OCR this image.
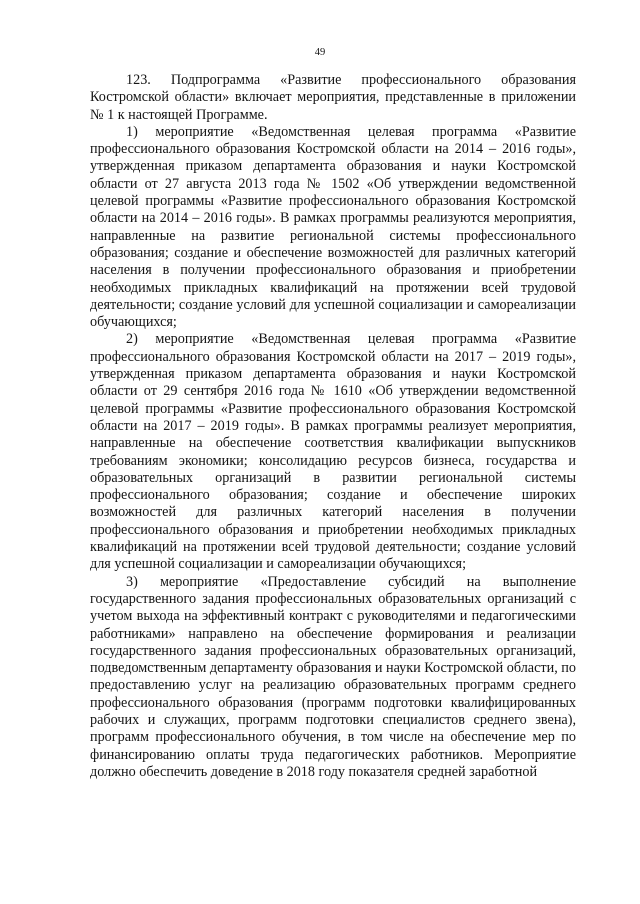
49

123. Подпрограмма «Развитие профессионального образования Костромской области» включает мероприятия, представленные в приложении № 1 к настоящей Программе.

1) мероприятие «Ведомственная целевая программа «Развитие профессионального образования Костромской области на 2014 – 2016 годы», утвержденная приказом департамента образования и науки Костромской области от 27 августа 2013 года № 1502 «Об утверждении ведомственной целевой программы «Развитие профессионального образования Костромской области на 2014 – 2016 годы». В рамках программы реализуются мероприятия, направленные на развитие региональной системы профессионального образования; создание и обеспечение возможностей для различных категорий населения в получении профессионального образования и приобретении необходимых прикладных квалификаций на протяжении всей трудовой деятельности; создание условий для успешной социализации и самореализации обучающихся;

2) мероприятие «Ведомственная целевая программа «Развитие профессионального образования Костромской области на 2017 – 2019 годы», утвержденная приказом департамента образования и науки Костромской области от 29 сентября 2016 года № 1610 «Об утверждении ведомственной целевой программы «Развитие профессионального образования Костромской области на 2017 – 2019 годы». В рамках программы реализует мероприятия, направленные на обеспечение соответствия квалификации выпускников требованиям экономики; консолидацию ресурсов бизнеса, государства и образовательных организаций в развитии региональной системы профессионального образования; создание и обеспечение широких возможностей для различных категорий населения в получении профессионального образования и приобретении необходимых прикладных квалификаций на протяжении всей трудовой деятельности; создание условий для успешной социализации и самореализации обучающихся;

3) мероприятие «Предоставление субсидий на выполнение государственного задания профессиональных образовательных организаций с учетом выхода на эффективный контракт с руководителями и педагогическими работниками» направлено на обеспечение формирования и реализации государственного задания профессиональных образовательных организаций, подведомственным департаменту образования и науки Костромской области, по предоставлению услуг на реализацию образовательных программ среднего профессионального образования (программ подготовки квалифицированных рабочих и служащих, программ подготовки специалистов среднего звена), программ профессионального обучения, в том числе на обеспечение мер по финансированию оплаты труда педагогических работников. Мероприятие должно обеспечить доведение в 2018 году показателя средней заработной
